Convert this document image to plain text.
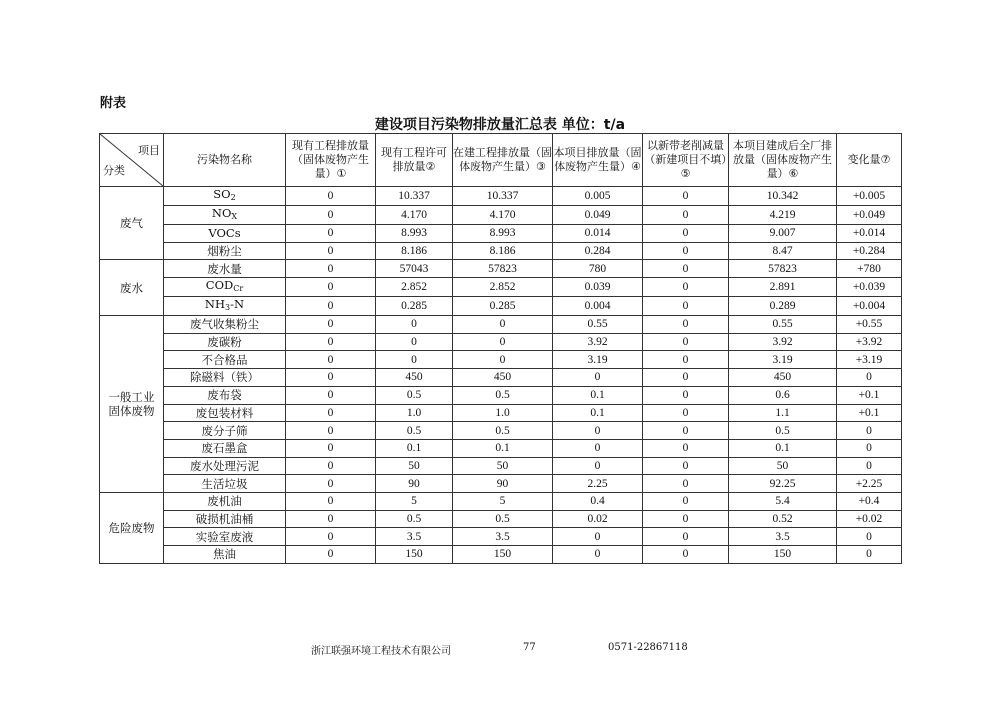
附表
建设项目污染物排放量汇总表 单位：t/a
项目
分类	污染物名称	现有工程排放量（固体废物产生量）①	现有工程许可排放量②	在建工程排放量（固体废物产生量）③	本项目排放量（固体废物产生量）④	以新带老削减量（新建项目不填）⑤	本项目建成后全厂排放量（固体废物产生量）⑥	变化量⑦
废气	$SO_2$	0	10.337	10.337	0.005	0	10.342	+0.005
	$NO_X$	0	4.170	4.170	0.049	0	4.219	+0.049
	VOCs	0	8.993	8.993	0.014	0	9.007	+0.014
	烟粉尘	0	8.186	8.186	0.284	0	8.47	+0.284
废水	废水量	0	57043	57823	780	0	57823	+780
	$COD_{Cr}$	0	2.852	2.852	0.039	0	2.891	+0.039
	$NH_3-N$	0	0.285	0.285	0.004	0	0.289	+0.004
一般工业固体废物	废气收集粉尘	0	0	0	0.55	0	0.55	+0.55
	废碳粉	0	0	0	3.92	0	3.92	+3.92
	不合格品	0	0	0	3.19	0	3.19	+3.19
	除磁料（铁）	0	450	450	0	0	450	0
	废布袋	0	0.5	0.5	0.1	0	0.6	+0.1
	废包装材料	0	1.0	1.0	0.1	0	1.1	+0.1
	废分子筛	0	0.5	0.5	0	0	0.5	0
	废石墨盒	0	0.1	0.1	0	0	0.1	0
	废水处理污泥	0	50	50	0	0	50	0
	生活垃圾	0	90	90	2.25	0	92.25	+2.25
危险废物	废机油	0	5	5	0.4	0	5.4	+0.4
	破损机油桶	0	0.5	0.5	0.02	0	0.52	+0.02
	实验室废液	0	3.5	3.5	0	0	3.5	0
	焦油	0	150	150	0	0	150	0
浙江联强环境工程技术有限公司	77	0571-22867118
